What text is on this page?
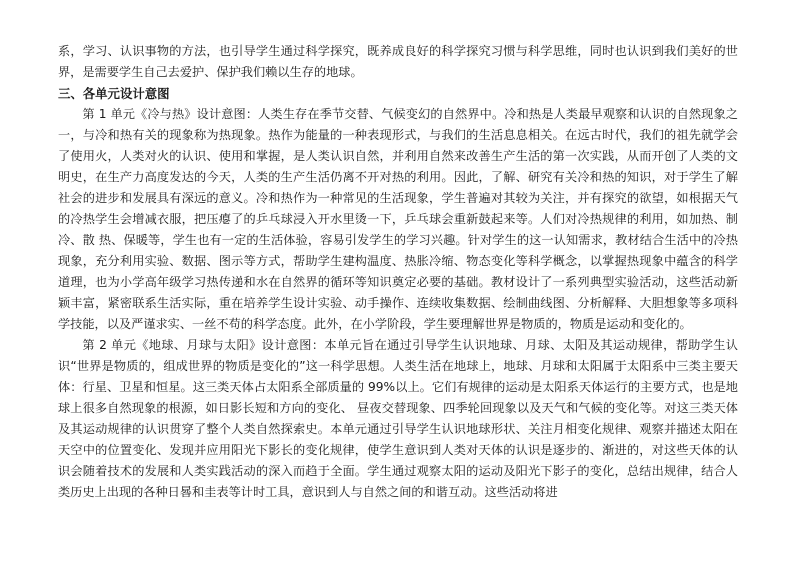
系，学习、认识事物的方法，也引导学生通过科学探究，既养成良好的科学探究习惯与科学思维，同时也认识到我们美好的世界，是需要学生自己去爱护、保护我们赖以生存的地球。

三、各单元设计意图

第 1 单元《冷与热》设计意图：人类生存在季节交替、气候变幻的自然界中。冷和热是人类最早观察和认识的自然现象之一，与冷和热有关的现象称为热现象。热作为能量的一种表现形式，与我们的生活息息相关。在远古时代，我们的祖先就学会了使用火，人类对火的认识、使用和掌握，是人类认识自然，并利用自然来改善生产生活的第一次实践，从而开创了人类的文明史，在生产力高度发达的今天，人类的生产生活仍离不开对热的利用。因此，了解、研究有关冷和热的知识，对于学生了解社会的进步和发展具有深远的意义。冷和热作为一种常见的生活现象，学生普遍对其较为关注，并有探究的欲望，如根据天气的冷热学生会增减衣服，把压瘪了的乒乓球浸入开水里烫一下，乒乓球会重新鼓起来等。人们对冷热规律的利用，如加热、制冷、散 热、保暖等，学生也有一定的生活体验，容易引发学生的学习兴趣。针对学生的这一认知需求，教材结合生活中的冷热现象，充分利用实验、数据、图示等方式，帮助学生建构温度、热胀冷缩、物态变化等科学概念，以掌握热现象中蕴含的科学道理，也为小学高年级学习热传递和水在自然界的循环等知识奠定必要的基础。教材设计了一系列典型实验活动，这些活动新颖丰富，紧密联系生活实际，重在培养学生设计实验、动手操作、连续收集数据、绘制曲线图、分析解释、大胆想象等多项科学技能，以及严谨求实、一丝不苟的科学态度。此外，在小学阶段，学生要理解世界是物质的，物质是运动和变化的。

第 2 单元《地球、月球与太阳》设计意图：本单元旨在通过引导学生认识地球、月球、太阳及其运动规律，帮助学生认识“世界是物质的，组成世界的物质是变化的”这一科学思想。人类生活在地球上，地球、月球和太阳属于太阳系中三类主要天体：行星、卫星和恒星。这三类天体占太阳系全部质量的 99%以上。它们有规律的运动是太阳系天体运行的主要方式，也是地球上很多自然现象的根源，如日影长短和方向的变化、 昼夜交替现象、四季轮回现象以及天气和气候的变化等。对这三类天体及其运动规律的认识贯穿了整个人类自然探索史。本单元通过引导学生认识地球形状、关注月相变化规律、观察并描述太阳在天空中的位置变化、发现并应用阳光下影长的变化规律，使学生意识到人类对天体的认识是逐步的、渐进的，对这些天体的认识会随着技术的发展和人类实践活动的深入而趋于全面。学生通过观察太阳的运动及阳光下影子的变化，总结出规律，结合人类历史上出现的各种日晷和圭表等计时工具，意识到人与自然之间的和谐互动。这些活动将进
